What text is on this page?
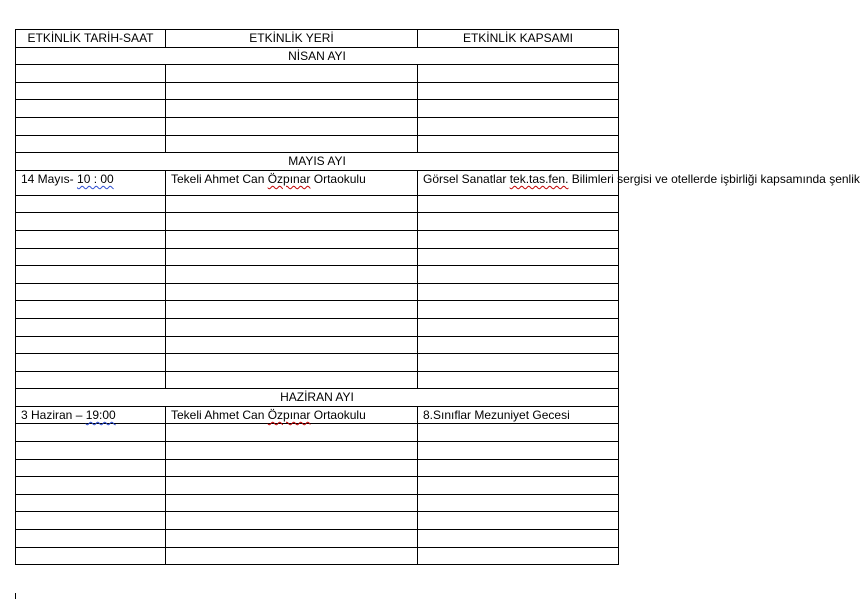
ETKİNLİK TARİH-SAAT	ETKİNLİK YERİ	ETKİNLİK KAPSAMI
NİSAN AYI		

MAYIS AYI		
14 Mayıs- 10 : 00	Tekeli Ahmet Can Özpınar Ortaokulu	Görsel Sanatlar tek.tas.fen. Bilimleri sergisi ve otellerde işbirliği kapsamında şenlik

HAZİRAN AYI		
3 Haziran – 19:00	Tekeli Ahmet Can Özpınar Ortaokulu	8.Sınıflar Mezuniyet Gecesi
